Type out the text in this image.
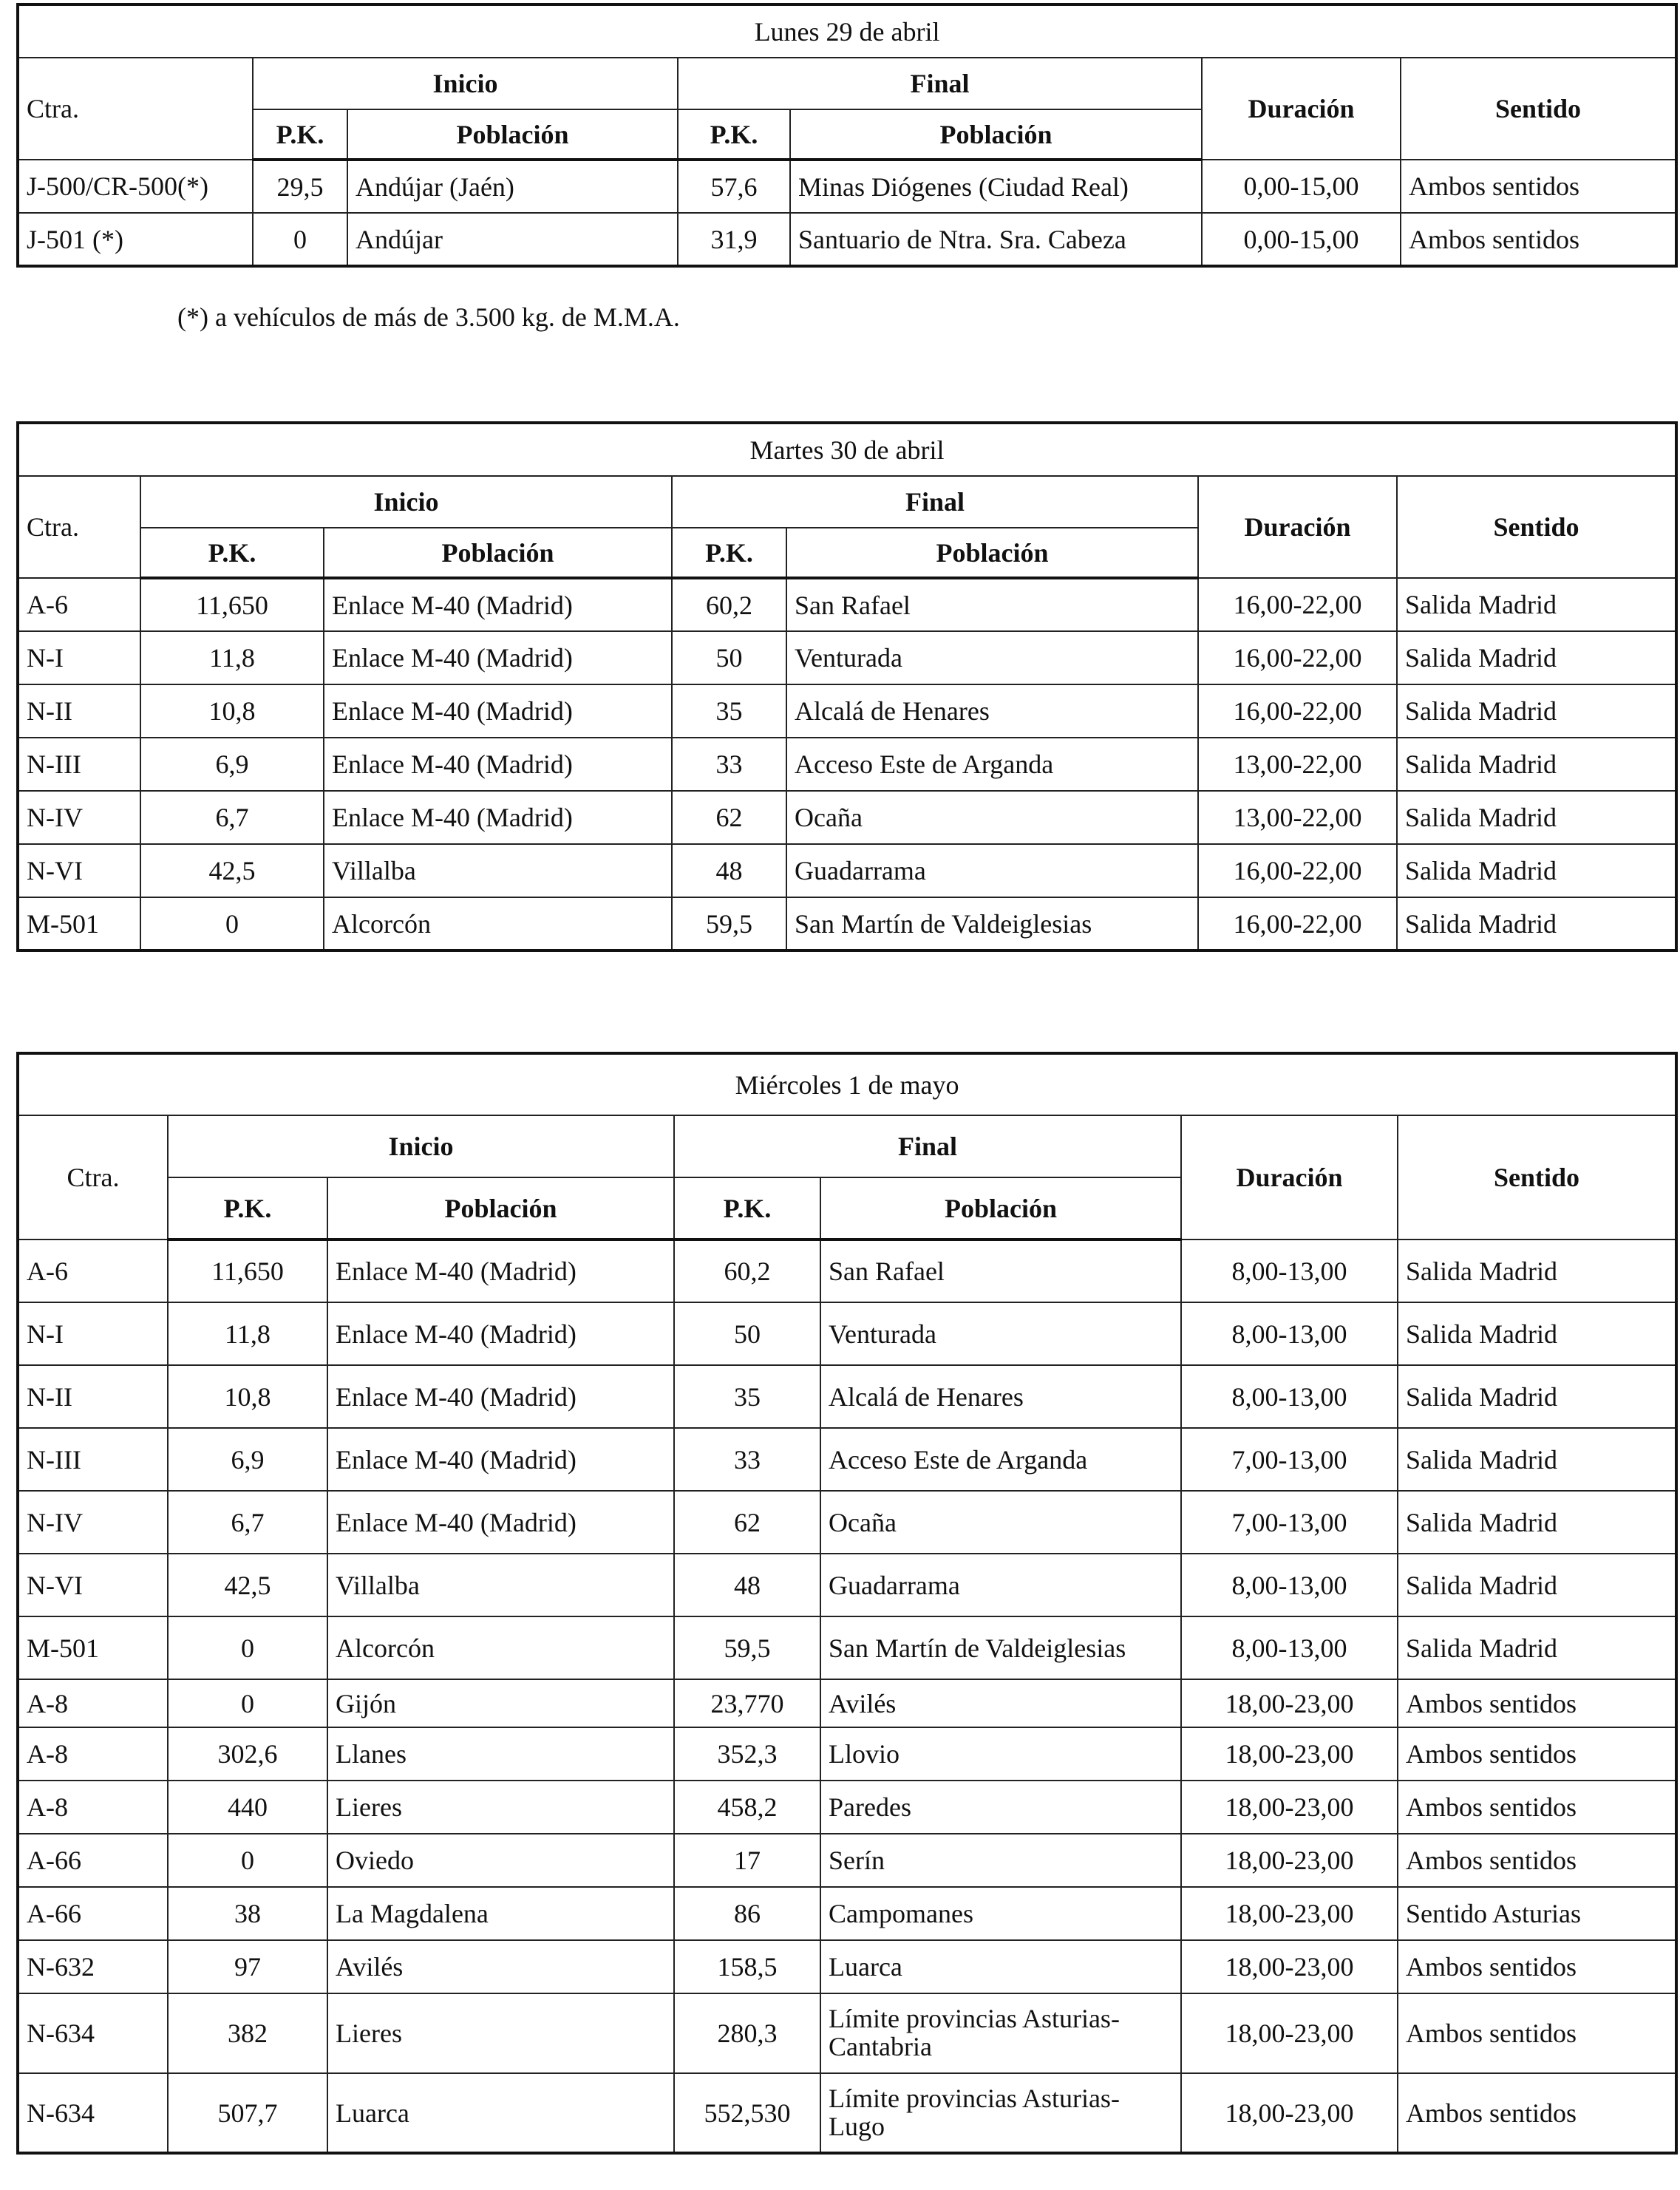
Lunes 29 de abril						
Ctra.	Inicio		Final		Duración	Sentido
	P.K.	Población	P.K.	Población		
J-500/CR-500(*)	29,5	Andújar (Jaén)	57,6	Minas Diógenes (Ciudad Real)	0,00-15,00	Ambos sentidos
J-501 (*)	0	Andújar	31,9	Santuario de Ntra. Sra. Cabeza	0,00-15,00	Ambos sentidos
(*) a vehículos de más de 3.500 kg. de M.M.A.
Martes 30 de abril						
Ctra.	Inicio		Final		Duración	Sentido
	P.K.	Población	P.K.	Población		
A-6	11,650	Enlace M-40 (Madrid)	60,2	San Rafael	16,00-22,00	Salida Madrid
N-I	11,8	Enlace M-40 (Madrid)	50	Venturada	16,00-22,00	Salida Madrid
N-II	10,8	Enlace M-40 (Madrid)	35	Alcalá de Henares	16,00-22,00	Salida Madrid
N-III	6,9	Enlace M-40 (Madrid)	33	Acceso Este de Arganda	13,00-22,00	Salida Madrid
N-IV	6,7	Enlace M-40 (Madrid)	62	Ocaña	13,00-22,00	Salida Madrid
N-VI	42,5	Villalba	48	Guadarrama	16,00-22,00	Salida Madrid
M-501	0	Alcorcón	59,5	San Martín de Valdeiglesias	16,00-22,00	Salida Madrid
Miércoles 1 de mayo						
Ctra.	Inicio		Final		Duración	Sentido
	P.K.	Población	P.K.	Población		
A-6	11,650	Enlace M-40 (Madrid)	60,2	San Rafael	8,00-13,00	Salida Madrid
N-I	11,8	Enlace M-40 (Madrid)	50	Venturada	8,00-13,00	Salida Madrid
N-II	10,8	Enlace M-40 (Madrid)	35	Alcalá de Henares	8,00-13,00	Salida Madrid
N-III	6,9	Enlace M-40 (Madrid)	33	Acceso Este de Arganda	7,00-13,00	Salida Madrid
N-IV	6,7	Enlace M-40 (Madrid)	62	Ocaña	7,00-13,00	Salida Madrid
N-VI	42,5	Villalba	48	Guadarrama	8,00-13,00	Salida Madrid
M-501	0	Alcorcón	59,5	San Martín de Valdeiglesias	8,00-13,00	Salida Madrid
A-8	0	Gijón	23,770	Avilés	18,00-23,00	Ambos sentidos
A-8	302,6	Llanes	352,3	Llovio	18,00-23,00	Ambos sentidos
A-8	440	Lieres	458,2	Paredes	18,00-23,00	Ambos sentidos
A-66	0	Oviedo	17	Serín	18,00-23,00	Ambos sentidos
A-66	38	La Magdalena	86	Campomanes	18,00-23,00	Sentido Asturias
N-632	97	Avilés	158,5	Luarca	18,00-23,00	Ambos sentidos
N-634	382	Lieres	280,3	Límite provincias Asturias-Cantabria	18,00-23,00	Ambos sentidos
N-634	507,7	Luarca	552,530	Límite provincias Asturias-Lugo	18,00-23,00	Ambos sentidos
